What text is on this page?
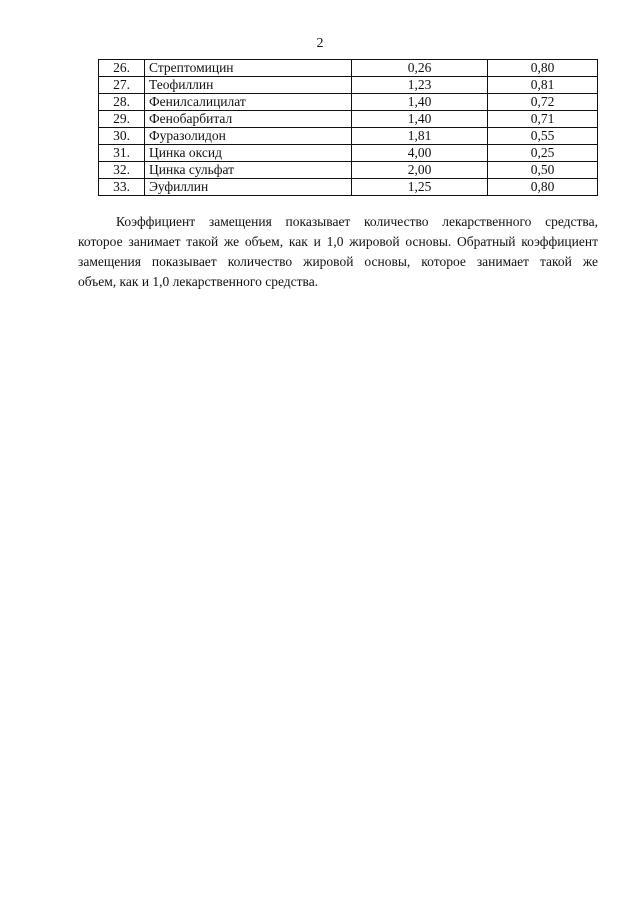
2
26.	Стрептомицин	0,26	0,80
27.	Теофиллин	1,23	0,81
28.	Фенилсалицилат	1,40	0,72
29.	Фенобарбитал	1,40	0,71
30.	Фуразолидон	1,81	0,55
31.	Цинка оксид	4,00	0,25
32.	Цинка сульфат	2,00	0,50
33.	Эуфиллин	1,25	0,80

Коэффициент замещения показывает количество лекарственного средства,
которое занимает такой же объем, как и 1,0 жировой основы. Обратный коэффициент
замещения показывает количество жировой основы, которое занимает такой же
объем, как и 1,0 лекарственного средства.
